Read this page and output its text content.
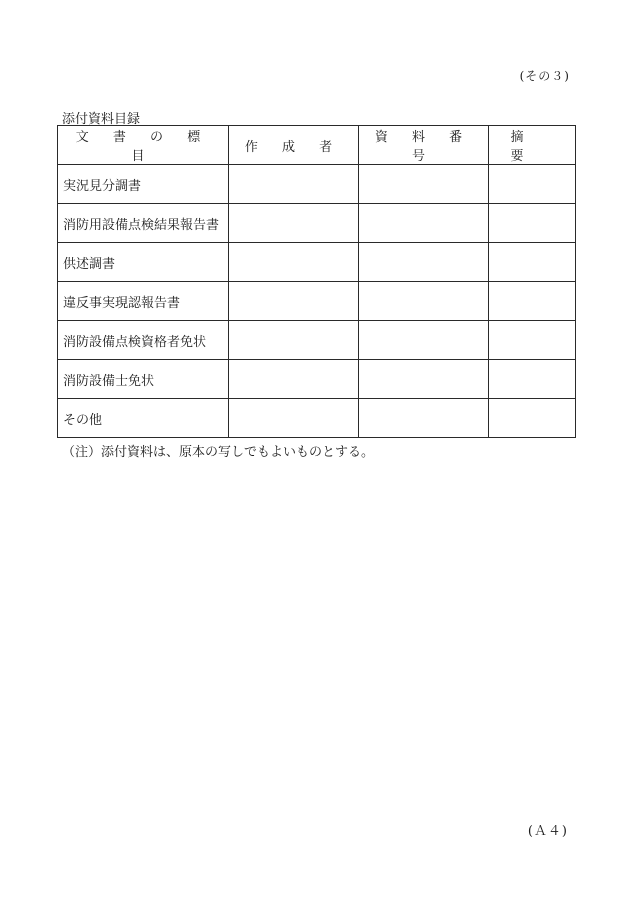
(その３)
添付資料目録
文 書 の 標 目	作 成 者	資 料 番 号	摘 要
実況見分調書			
消防用設備点検結果報告書			
供述調書			
違反事実現認報告書			
消防設備点検資格者免状			
消防設備士免状			
その他			
（注）添付資料は、原本の写しでもよいものとする。
(Ａ４)
